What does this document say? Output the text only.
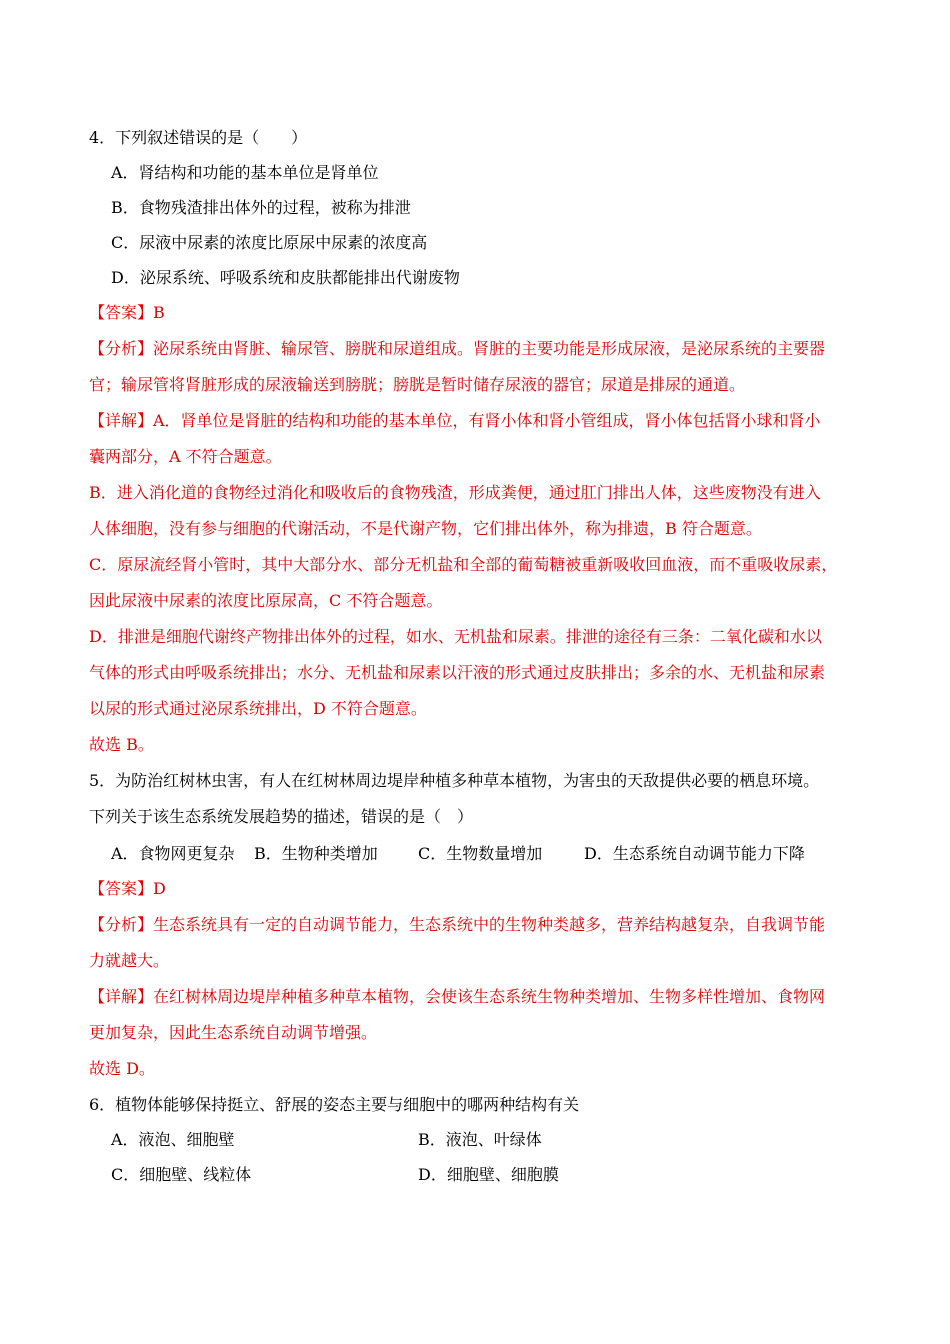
4．下列叙述错误的是（　　）
A．肾结构和功能的基本单位是肾单位
B．食物残渣排出体外的过程，被称为排泄
C．尿液中尿素的浓度比原尿中尿素的浓度高
D．泌尿系统、呼吸系统和皮肤都能排出代谢废物
【答案】B
【分析】泌尿系统由肾脏、输尿管、膀胱和尿道组成。肾脏的主要功能是形成尿液，是泌尿系统的主要器
官；输尿管将肾脏形成的尿液输送到膀胱；膀胱是暂时储存尿液的器官；尿道是排尿的通道。
【详解】A．肾单位是肾脏的结构和功能的基本单位，有肾小体和肾小管组成，肾小体包括肾小球和肾小
囊两部分，A 不符合题意。
B．进入消化道的食物经过消化和吸收后的食物残渣，形成粪便，通过肛门排出人体，这些废物没有进入
人体细胞，没有参与细胞的代谢活动，不是代谢产物，它们排出体外，称为排遗，B 符合题意。
C．原尿流经肾小管时，其中大部分水、部分无机盐和全部的葡萄糖被重新吸收回血液，而不重吸收尿素，
因此尿液中尿素的浓度比原尿高，C 不符合题意。
D．排泄是细胞代谢终产物排出体外的过程，如水、无机盐和尿素。排泄的途径有三条：二氧化碳和水以
气体的形式由呼吸系统排出；水分、无机盐和尿素以汗液的形式通过皮肤排出；多余的水、无机盐和尿素
以尿的形式通过泌尿系统排出，D 不符合题意。
故选 B。
5．为防治红树林虫害，有人在红树林周边堤岸种植多种草本植物，为害虫的天敌提供必要的栖息环境。
下列关于该生态系统发展趋势的描述，错误的是（　）
A．食物网更复杂 B．生物种类增加	C．生物数量增加	D．生态系统自动调节能力下降
【答案】D
【分析】生态系统具有一定的自动调节能力，生态系统中的生物种类越多，营养结构越复杂，自我调节能
力就越大。
【详解】在红树林周边堤岸种植多种草本植物，会使该生态系统生物种类增加、生物多样性增加、食物网
更加复杂，因此生态系统自动调节增强。
故选 D。
6．植物体能够保持挺立、舒展的姿态主要与细胞中的哪两种结构有关
A．液泡、细胞壁	B．液泡、叶绿体
C．细胞壁、线粒体	D．细胞壁、细胞膜
